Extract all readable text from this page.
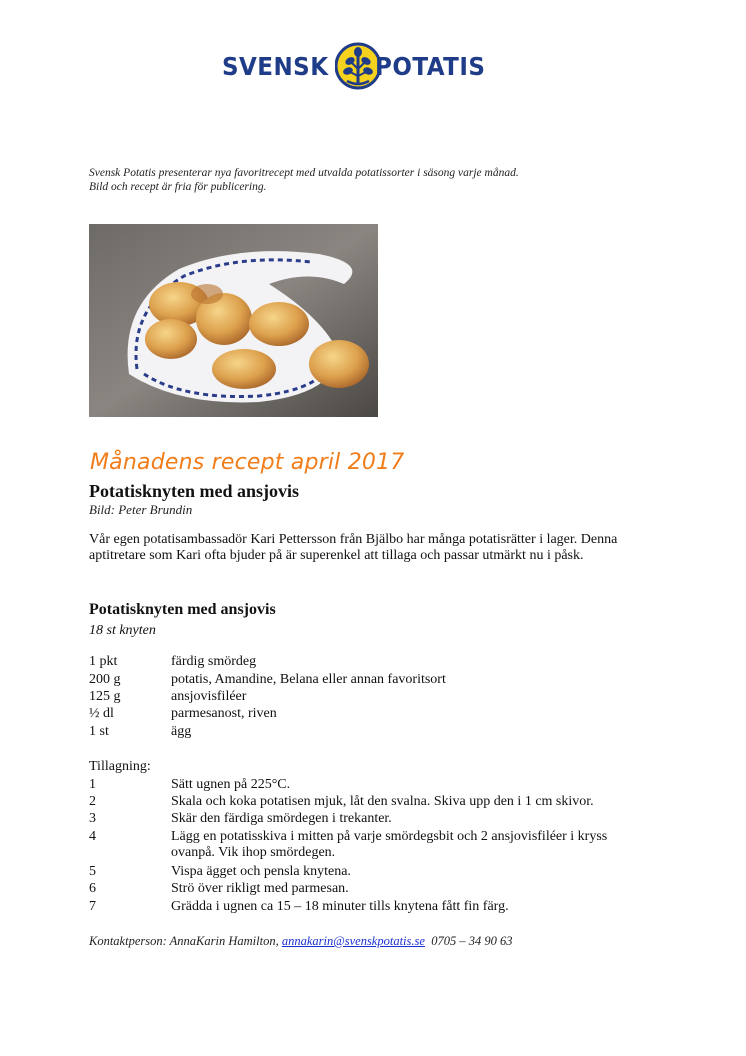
SVENSK POTATIS
Svensk Potatis presenterar nya favoritrecept med utvalda potatissorter i säsong varje månad.
Bild och recept är fria för publicering.
Månadens recept april 2017
Potatisknyten med ansjovis
Bild: Peter Brundin
Vår egen potatisambassadör Kari Pettersson från Bjälbo har många potatisrätter i lager. Denna aptitretare som Kari ofta bjuder på är superenkel att tillaga och passar utmärkt nu i påsk.
Potatisknyten med ansjovis
18 st knyten
1 pkt	färdig smördeg
200 g	potatis, Amandine, Belana eller annan favoritsort
125 g	ansjovisfiléer
½ dl	parmesanost, riven
1 st	ägg
Tillagning:
1	Sätt ugnen på 225°C.
2	Skala och koka potatisen mjuk, låt den svalna. Skiva upp den i 1 cm skivor.
3	Skär den färdiga smördegen i trekanter.
4	Lägg en potatisskiva i mitten på varje smördegsbit och 2 ansjovisfiléer i kryss ovanpå. Vik ihop smördegen.
5	Vispa ägget och pensla knytena.
6	Strö över rikligt med parmesan.
7	Grädda i ugnen ca 15 – 18 minuter tills knytena fått fin färg.
Kontaktperson: AnnaKarin Hamilton, annakarin@svenskpotatis.se 0705 – 34 90 63
